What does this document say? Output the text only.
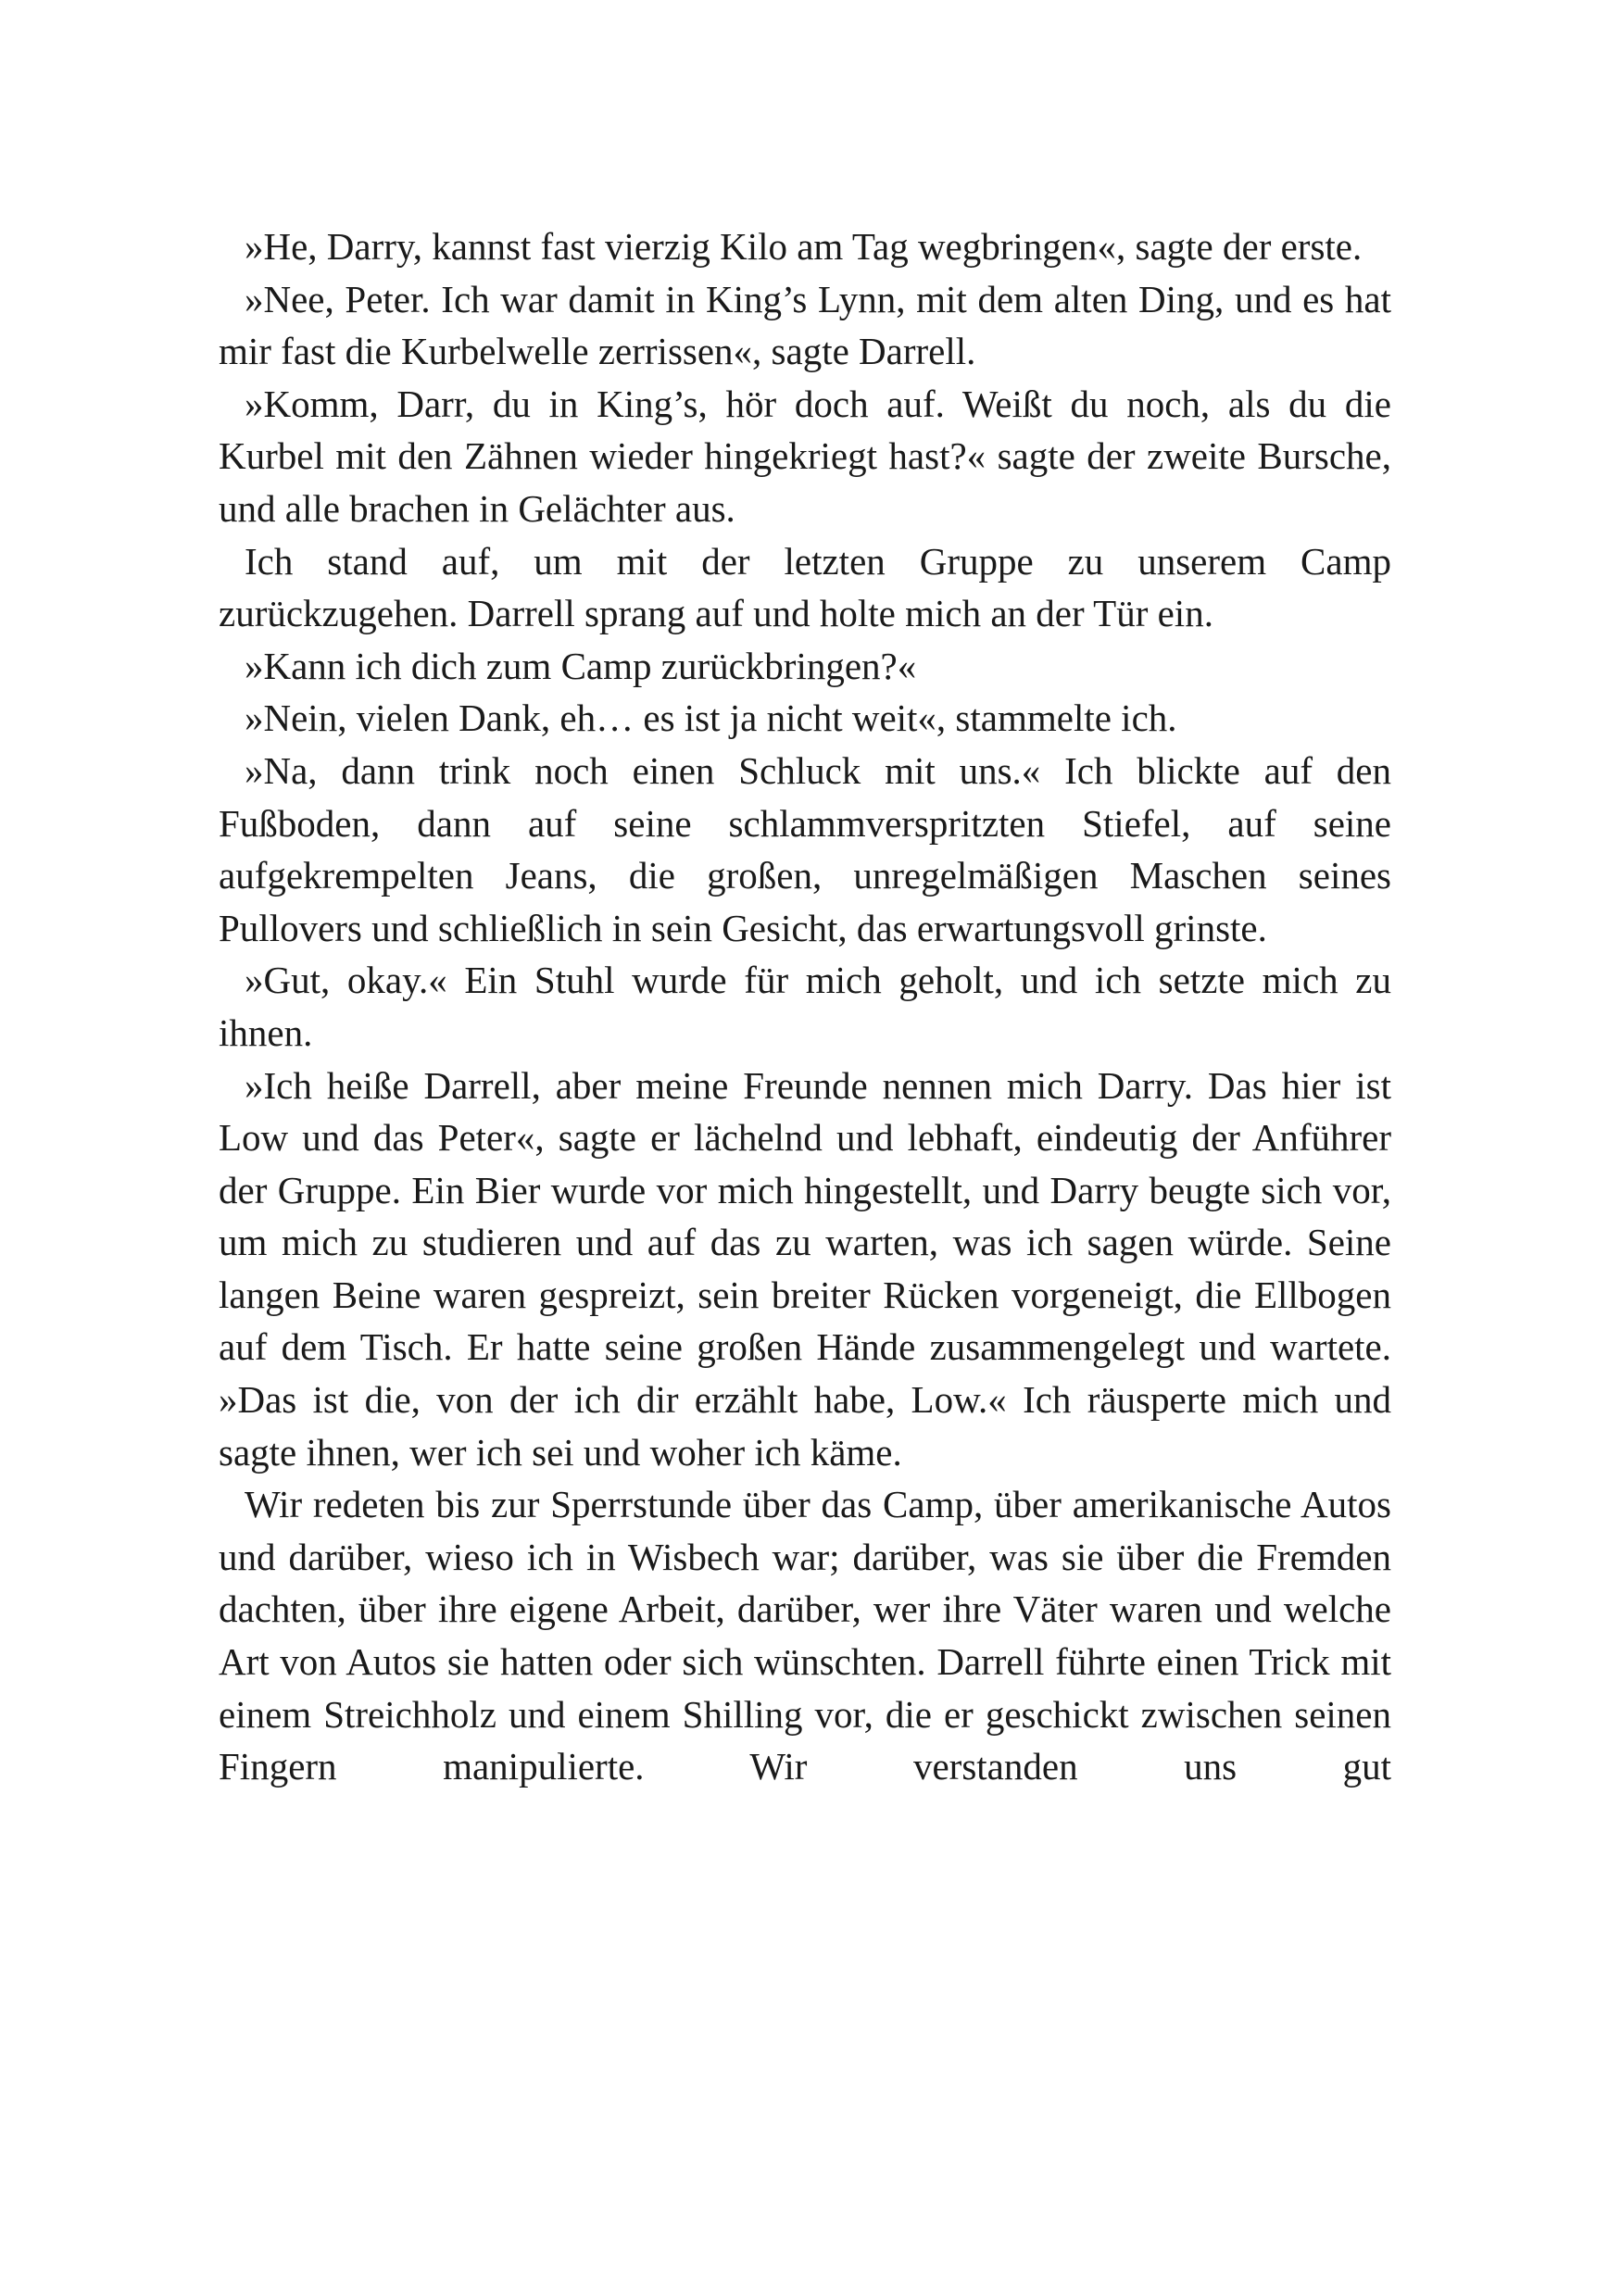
»He, Darry, kannst fast vierzig Kilo am Tag wegbringen«, sagte der erste.

»Nee, Peter. Ich war damit in King’s Lynn, mit dem alten Ding, und es hat mir fast die Kurbelwelle zerrissen«, sagte Darrell.

»Komm, Darr, du in King’s, hör doch auf. Weißt du noch, als du die Kurbel mit den Zähnen wieder hingekriegt hast?« sagte der zweite Bursche, und alle brachen in Gelächter aus.

Ich stand auf, um mit der letzten Gruppe zu unserem Camp zurückzugehen. Darrell sprang auf und holte mich an der Tür ein.

»Kann ich dich zum Camp zurückbringen?«

»Nein, vielen Dank, eh… es ist ja nicht weit«, stammelte ich.

»Na, dann trink noch einen Schluck mit uns.« Ich blickte auf den Fußboden, dann auf seine schlammverspritzten Stiefel, auf seine aufgekrempelten Jeans, die großen, unregelmäßigen Maschen seines Pullovers und schließlich in sein Gesicht, das erwartungsvoll grinste.

»Gut, okay.« Ein Stuhl wurde für mich geholt, und ich setzte mich zu ihnen.

»Ich heiße Darrell, aber meine Freunde nennen mich Darry. Das hier ist Low und das Peter«, sagte er lächelnd und lebhaft, eindeutig der Anführer der Gruppe. Ein Bier wurde vor mich hingestellt, und Darry beugte sich vor, um mich zu studieren und auf das zu warten, was ich sagen würde. Seine langen Beine waren gespreizt, sein breiter Rücken vorgeneigt, die Ellbogen auf dem Tisch. Er hatte seine großen Hände zusammengelegt und wartete. »Das ist die, von der ich dir erzählt habe, Low.« Ich räusperte mich und sagte ihnen, wer ich sei und woher ich käme.

Wir redeten bis zur Sperrstunde über das Camp, über amerikanische Autos und darüber, wieso ich in Wisbech war; darüber, was sie über die Fremden dachten, über ihre eigene Arbeit, darüber, wer ihre Väter waren und welche Art von Autos sie hatten oder sich wünschten. Darrell führte einen Trick mit einem Streichholz und einem Shilling vor, die er geschickt zwischen seinen Fingern manipulierte. Wir verstanden uns gut
